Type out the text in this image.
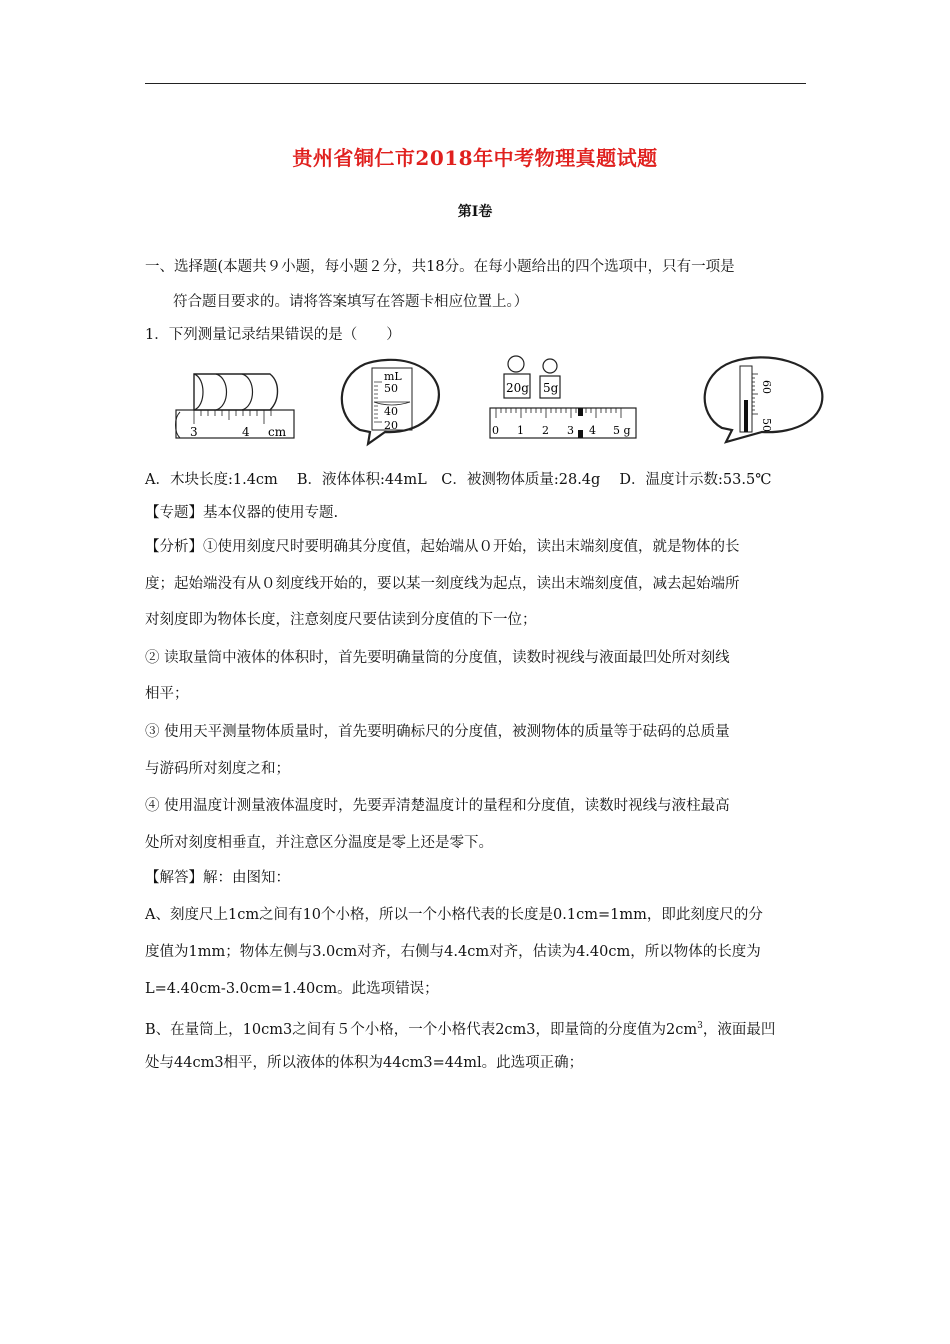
贵州省铜仁市2018年中考物理真题试题
第Ⅰ卷
一、选择题(本题共９小题，每小题２分，共18分。在每小题给出的四个选项中，只有一项是
符合题目要求的。请将答案填写在答题卡相应位置上。）
1．下列测量记录结果错误的是（　　）
3	4 cm
mL
50
40
20
20g 5g
0 1 2 3 4 5 g
60
50
A．木块长度:1.4cm　 B．液体体积:44mL　C．被测物体质量:28.4g　 D．温度计示数:53.5℃
【专题】基本仪器的使用专题.
【分析】①使用刻度尺时要明确其分度值，起始端从０开始，读出末端刻度值，就是物体的长
度；起始端没有从０刻度线开始的，要以某一刻度线为起点，读出末端刻度值，减去起始端所
对刻度即为物体长度，注意刻度尺要估读到分度值的下一位；
② 读取量筒中液体的体积时，首先要明确量筒的分度值，读数时视线与液面最凹处所对刻线
相平；
③ 使用天平测量物体质量时，首先要明确标尺的分度值，被测物体的质量等于砝码的总质量
与游码所对刻度之和；
④ 使用温度计测量液体温度时，先要弄清楚温度计的量程和分度值，读数时视线与液柱最高
处所对刻度相垂直，并注意区分温度是零上还是零下。
【解答】解：由图知：
A、刻度尺上1cm之间有10个小格，所以一个小格代表的长度是0.1cm=1mm，即此刻度尺的分
度值为1mm；物体左侧与3.0cm对齐，右侧与4.4cm对齐，估读为4.40cm，所以物体的长度为
L=4.40cm-3.0cm=1.40cm。此选项错误；
B、在量筒上，10cm3之间有５个小格，一个小格代表2cm3，即量筒的分度值为$2cm^3$，液面最凹
处与44cm3相平，所以液体的体积为44cm3=44ml。此选项正确；
